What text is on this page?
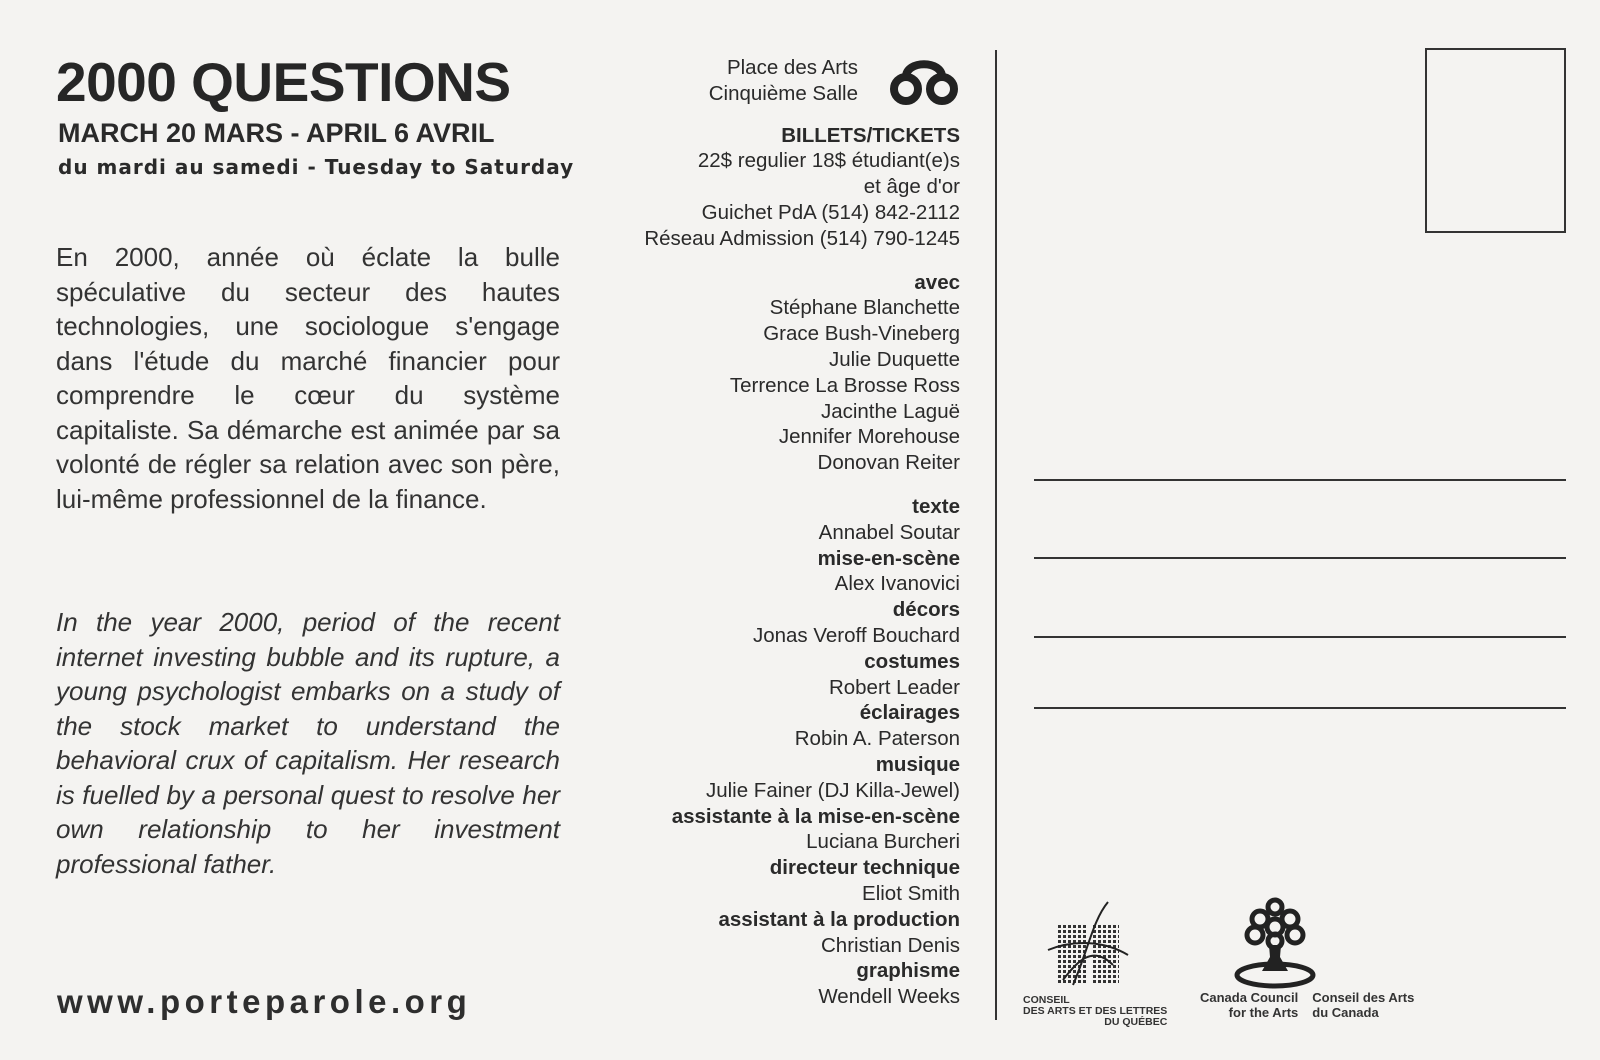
2000 QUESTIONS
MARCH 20 MARS - APRIL 6 AVRIL
du mardi au samedi - Tuesday to Saturday
En 2000, année où éclate la bulle spéculative du secteur des hautes technologies, une sociologue s'engage dans l'étude du marché financier pour comprendre le cœur du système capitaliste. Sa démarche est animée par sa volonté de régler sa relation avec son père, lui-même professionnel de la finance.
In the year 2000, period of the recent internet investing bubble and its rupture, a young psychologist embarks on a study of the stock market to understand the behavioral crux of capitalism. Her research is fuelled by a personal quest to resolve her own relationship to her investment professional father.
www.porteparole.org
Place des Arts
Cinquième Salle
BILLETS/TICKETS
22$ regulier 18$ étudiant(e)s
et âge d'or
Guichet PdA (514) 842-2112
Réseau Admission (514) 790-1245
avec
Stéphane Blanchette
Grace Bush-Vineberg
Julie Duquette
Terrence La Brosse Ross
Jacinthe Laguë
Jennifer Morehouse
Donovan Reiter
texte
Annabel Soutar
mise-en-scène
Alex Ivanovici
décors
Jonas Veroff Bouchard
costumes
Robert Leader
éclairages
Robin A. Paterson
musique
Julie Fainer (DJ Killa-Jewel)
assistante à la mise-en-scène
Luciana Burcheri
directeur technique
Eliot Smith
assistant à la production
Christian Denis
graphisme
Wendell Weeks	CONSEIL
DES ARTS ET DES LETTRES
DU QUÉBEC
Canada Council
for the Arts
Conseil des Arts
du Canada
